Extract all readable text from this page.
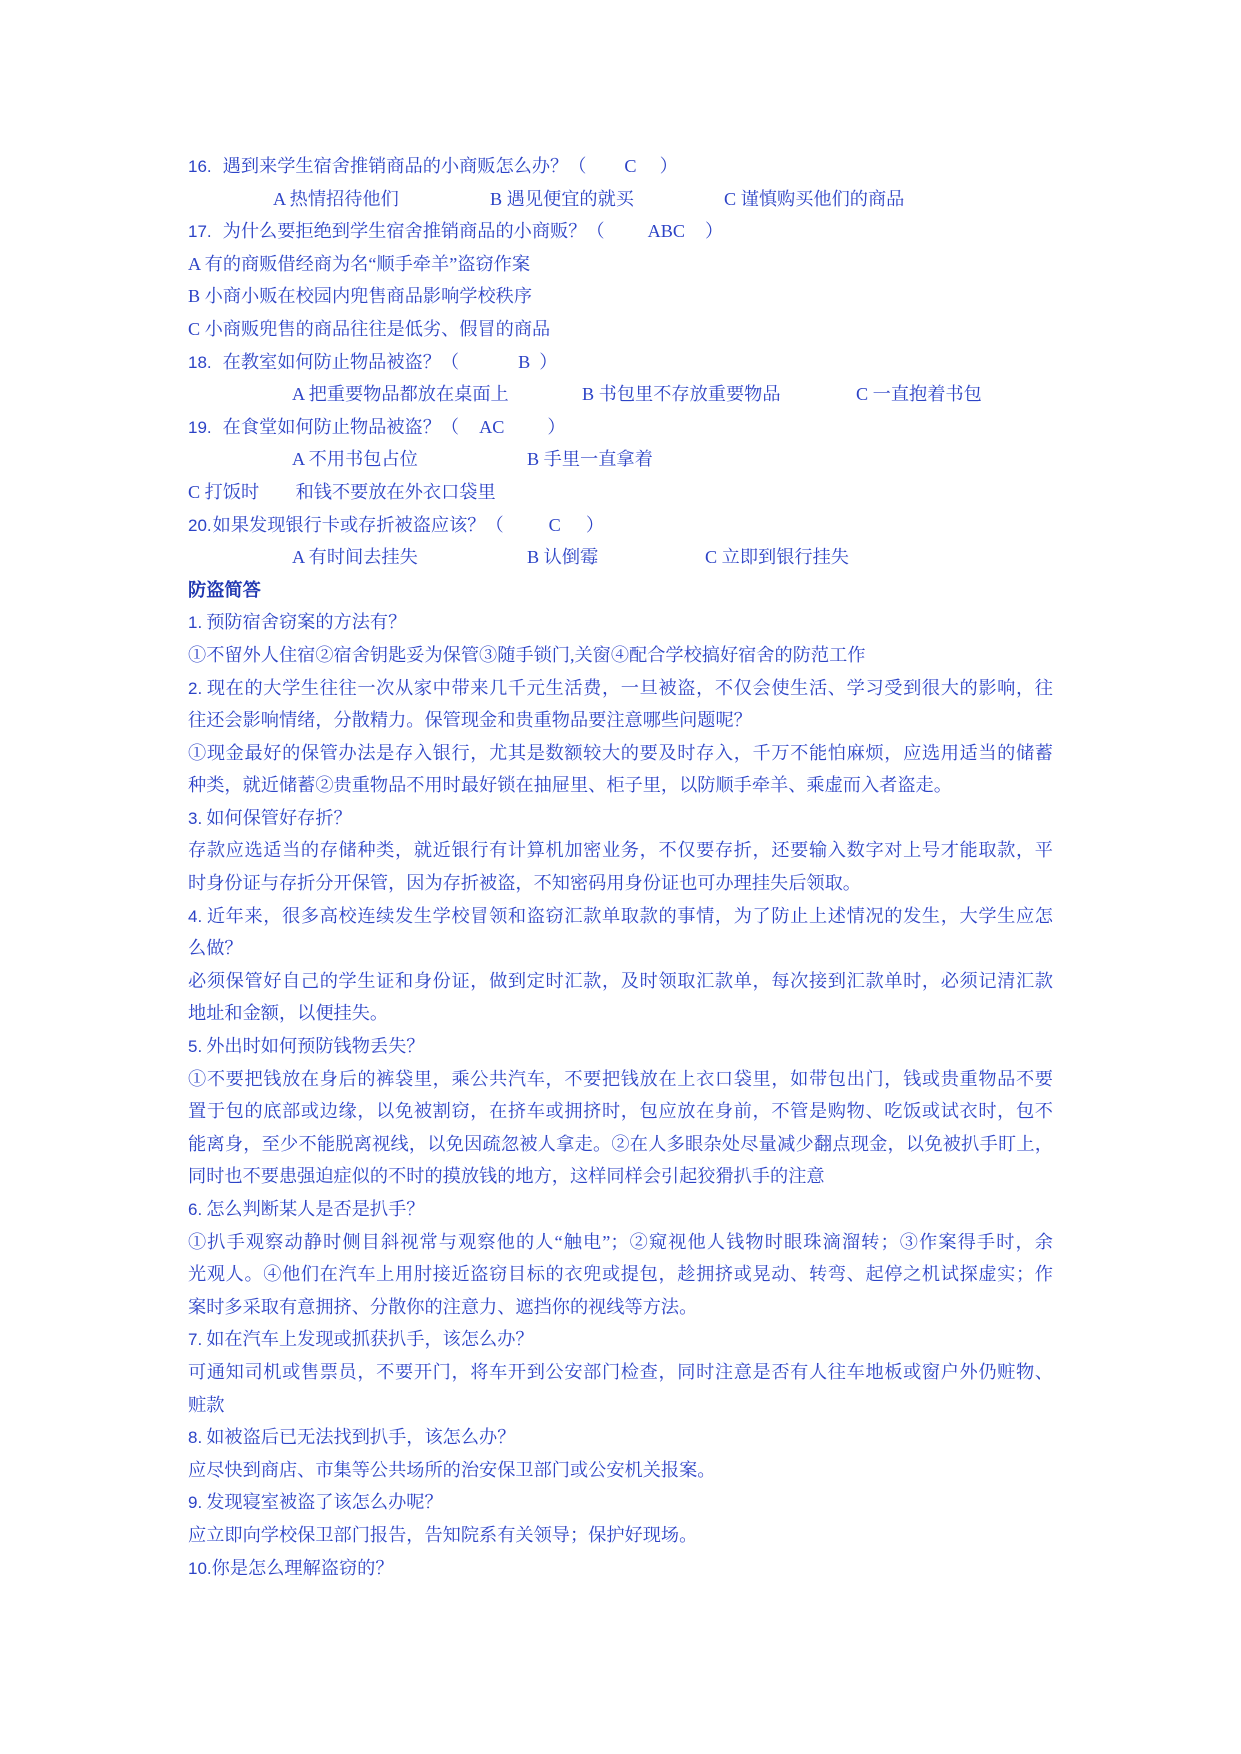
16. 遇到来学生宿舍推销商品的小商贩怎么办？（ C ）
A 热情招待他们	B 遇见便宜的就买	C 谨慎购买他们的商品
17. 为什么要拒绝到学生宿舍推销商品的小商贩？（ ABC ）
A 有的商贩借经商为名“顺手牵羊”盗窃作案
B 小商小贩在校园内兜售商品影响学校秩序
C 小商贩兜售的商品往往是低劣、假冒的商品
18. 在教室如何防止物品被盗？（	B ）
A 把重要物品都放在桌面上	B 书包里不存放重要物品	C 一直抱着书包
19. 在食堂如何防止物品被盗？（ AC ）
A 不用书包占位	B 手里一直拿着
C 打饭时　　和钱不要放在外衣口袋里
20.如果发现银行卡或存折被盗应该？（ C ）
A 有时间去挂失	B 认倒霉	C 立即到银行挂失
防盗简答
1. 预防宿舍窃案的方法有？
①不留外人住宿②宿舍钥匙妥为保管③随手锁门,关窗④配合学校搞好宿舍的防范工作
2. 现在的大学生往往一次从家中带来几千元生活费，一旦被盗，不仅会使生活、学习受到很大的影响，往
往还会影响情绪，分散精力。保管现金和贵重物品要注意哪些问题呢？
①现金最好的保管办法是存入银行，尤其是数额较大的要及时存入，千万不能怕麻烦，应选用适当的储蓄
种类，就近储蓄②贵重物品不用时最好锁在抽屉里、柜子里，以防顺手牵羊、乘虚而入者盗走。
3. 如何保管好存折？
存款应选适当的存储种类，就近银行有计算机加密业务，不仅要存折，还要输入数字对上号才能取款，平
时身份证与存折分开保管，因为存折被盗，不知密码用身份证也可办理挂失后领取。
4. 近年来，很多高校连续发生学校冒领和盗窃汇款单取款的事情，为了防止上述情况的发生，大学生应怎
么做？
必须保管好自己的学生证和身份证，做到定时汇款，及时领取汇款单，每次接到汇款单时，必须记清汇款
地址和金额，以便挂失。
5. 外出时如何预防钱物丢失？
①不要把钱放在身后的裤袋里，乘公共汽车，不要把钱放在上衣口袋里，如带包出门，钱或贵重物品不要
置于包的底部或边缘，以免被割窃，在挤车或拥挤时，包应放在身前，不管是购物、吃饭或试衣时，包不
能离身，至少不能脱离视线，以免因疏忽被人拿走。②在人多眼杂处尽量减少翻点现金，以免被扒手盯上，
同时也不要患强迫症似的不时的摸放钱的地方，这样同样会引起狡猾扒手的注意
6. 怎么判断某人是否是扒手？
①扒手观察动静时侧目斜视常与观察他的人“触电”；②窥视他人钱物时眼珠滴溜转；③作案得手时，余
光观人。④他们在汽车上用肘接近盗窃目标的衣兜或提包，趁拥挤或晃动、转弯、起停之机试探虚实；作
案时多采取有意拥挤、分散你的注意力、遮挡你的视线等方法。
7. 如在汽车上发现或抓获扒手，该怎么办？
可通知司机或售票员，不要开门，将车开到公安部门检查，同时注意是否有人往车地板或窗户外仍赃物、
赃款
8. 如被盗后已无法找到扒手，该怎么办？
应尽快到商店、市集等公共场所的治安保卫部门或公安机关报案。
9. 发现寝室被盗了该怎么办呢？
应立即向学校保卫部门报告，告知院系有关领导；保护好现场。
10.你是怎么理解盗窃的？
